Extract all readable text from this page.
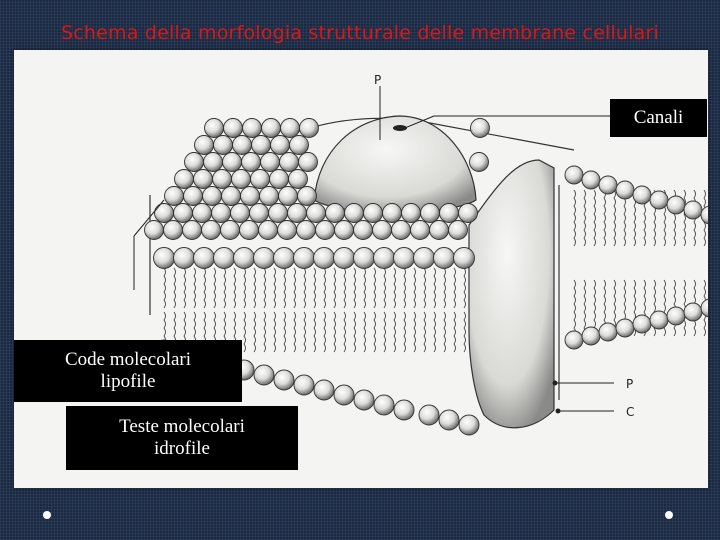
Schema della morfologia strutturale delle membrane cellulari
P
P
C
Canali
Code molecolari
lipofile
Teste molecolari
idrofile
